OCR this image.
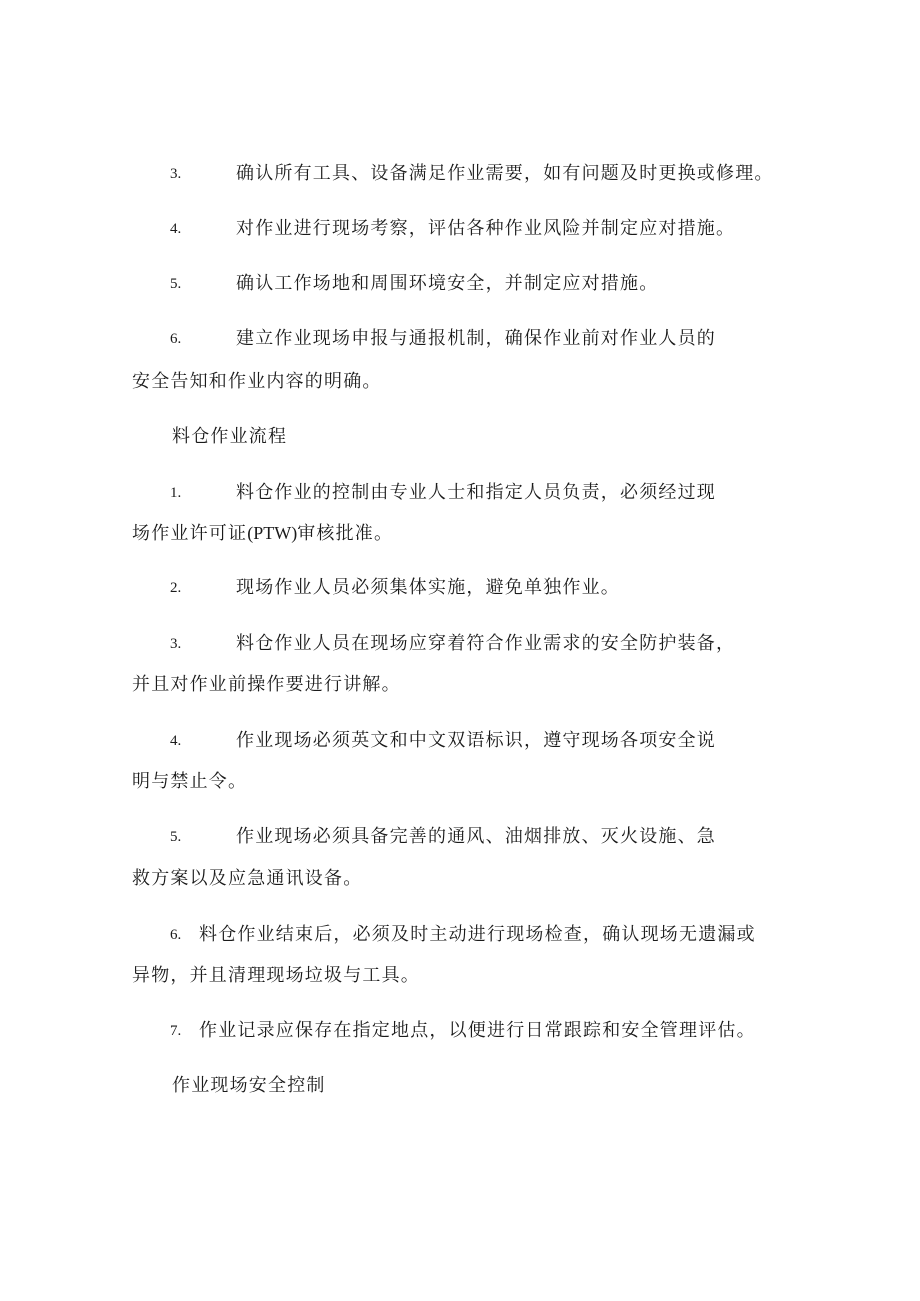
3.	确认所有工具、设备满足作业需要，如有问题及时更换或修理。
4.	对作业进行现场考察，评估各种作业风险并制定应对措施。
5.	确认工作场地和周围环境安全，并制定应对措施。
6.	建立作业现场申报与通报机制，确保作业前对作业人员的
安全告知和作业内容的明确。
料仓作业流程
1.	料仓作业的控制由专业人士和指定人员负责，必须经过现
场作业许可证(PTW)审核批准。
2.	现场作业人员必须集体实施，避免单独作业。
3.	料仓作业人员在现场应穿着符合作业需求的安全防护装备，
并且对作业前操作要进行讲解。
4.	作业现场必须英文和中文双语标识，遵守现场各项安全说
明与禁止令。
5.	作业现场必须具备完善的通风、油烟排放、灭火设施、急
救方案以及应急通讯设备。
6. 料仓作业结束后，必须及时主动进行现场检查，确认现场无遗漏或
异物，并且清理现场垃圾与工具。
7. 作业记录应保存在指定地点，以便进行日常跟踪和安全管理评估。
作业现场安全控制
